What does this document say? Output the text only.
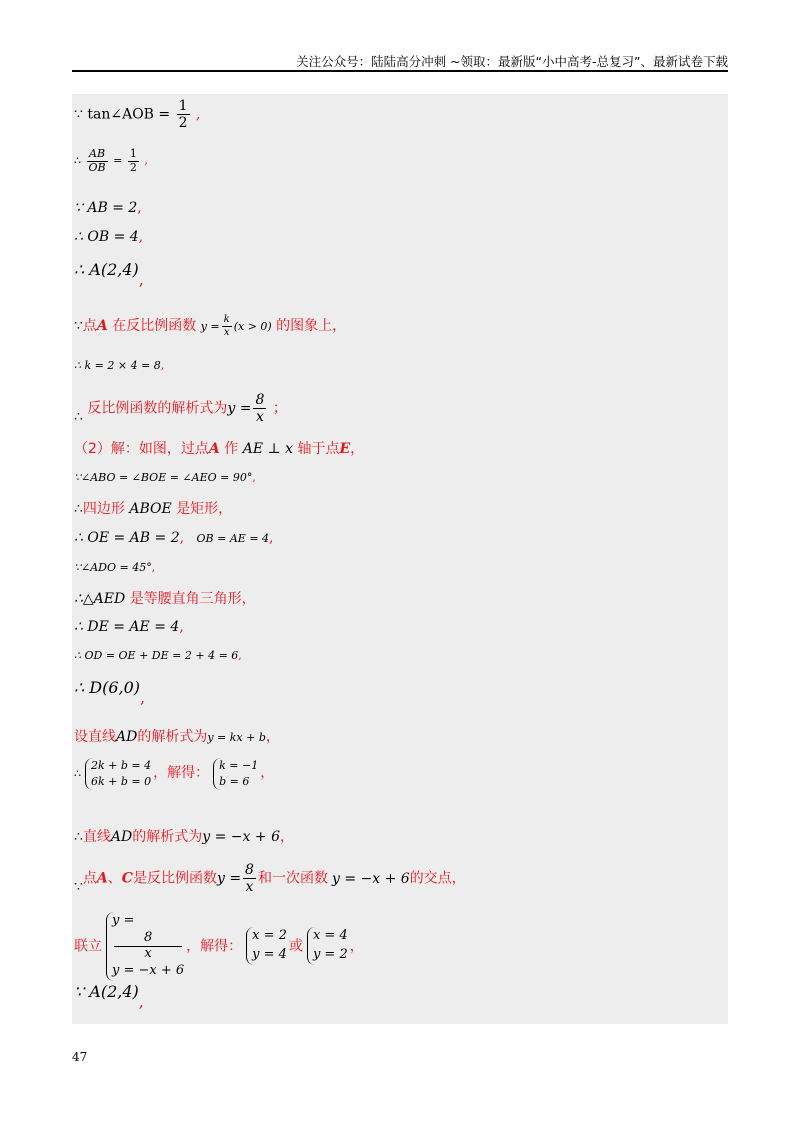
关注公众号：陆陆高分冲刺 ~领取：最新版“小中高考-总复习”、最新试卷下载
∵ tan∠AOB = $\frac{1}{2}$ ,
∴ $\frac{AB}{OB} = \frac{1}{2}$ ,
∵ AB = 2,
∴ OB = 4,
∴ A(2,4),
∵点A 在反比例函数 $y = \frac{k}{x} (x > 0)$ 的图象上，
∴ k = 2 × 4 = 8,
∴ 反比例函数的解析式为$y = \frac{8}{x}$ ；
（2）解：如图，过点A 作 AE ⊥ x 轴于点E，
∵∠ABO = ∠BOE = ∠AEO = 90°,
∴四边形 ABOE 是矩形，
∴ OE = AB = 2, OB = AE = 4,
∵∠ADO = 45°,
∴△AED 是等腰直角三角形，
∴ DE = AE = 4,
∴ OD = OE + DE = 2 + 4 = 6,
∴ D(6,0),
设直线AD的解析式为y = kx + b，
∴
2k + b = 4
6k + b = 0
，解得： k = −1
b = 6
，
∴直线AD的解析式为y = −x + 6，
∵点A、C是反比例函数$y = \frac{8}{x}$ 和一次函数 y = −x + 6的交点，
联立
y =
8
x
y = −x + 6
，解得：
x = 2
y = 4
或
x = 4
y = 2
，
∵ A(2,4),
47
